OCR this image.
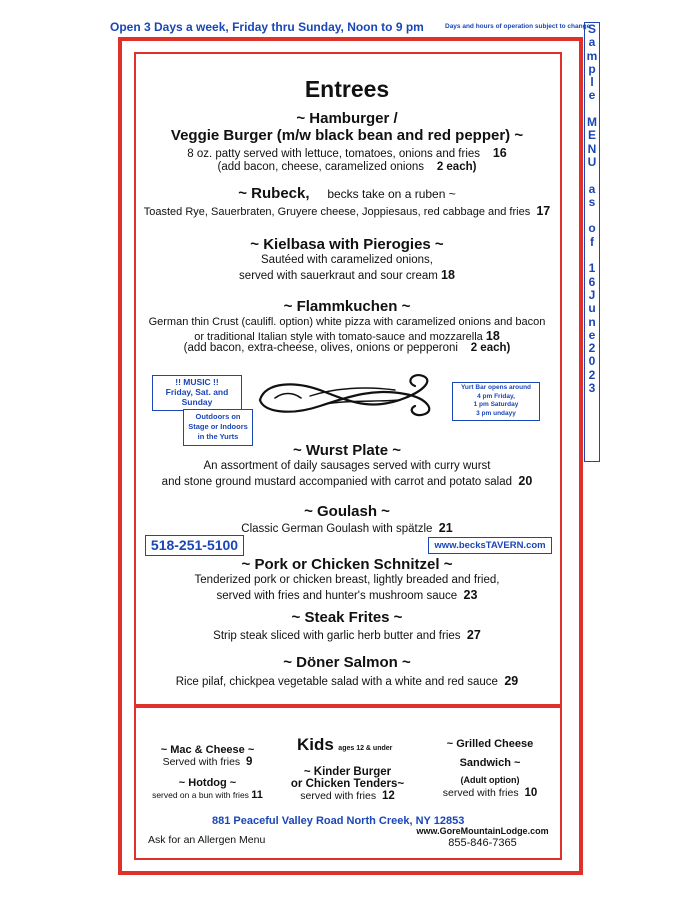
Open 3 Days a week, Friday thru Sunday, Noon to 9 pm	Days and hours of operation subject to change
S
a
m
p
l
e
M
E
N
U
a
s
o
f
1
6
J
u
n
e
2
0
2
3
Entrees
~ Hamburger /
Veggie Burger (m/w black bean and red pepper) ~
8 oz. patty served with lettuce, tomatoes, onions and fries 16
(add bacon, cheese, caramelized onions 2 each)
~ Rubeck, becks take on a ruben ~
Toasted Rye, Sauerbraten, Gruyere cheese, Joppiesaus, red cabbage and fries 17
~ Kielbasa with Pierogies ~
Sautéed with caramelized onions,
served with sauerkraut and sour cream 18
~ Flammkuchen ~
German thin Crust (caulifl. option) white pizza with caramelized onions and bacon
or traditional Italian style with tomato-sauce and mozzarella 18
(add bacon, extra-cheese, olives, onions or pepperoni 2 each)
!! MUSIC !!
Friday, Sat. and
Sunday
Outdoors on
Stage or Indoors
in the Yurts
Yurt Bar opens around
4 pm Friday,
1 pm Saturday
3 pm undayy
~ Wurst Plate ~
An assortment of daily sausages served with curry wurst
and stone ground mustard accompanied with carrot and potato salad 20
~ Goulash ~
Classic German Goulash with spätzle 21
518-251-5100	www.becksTAVERN.com
~ Pork or Chicken Schnitzel ~
Tenderized pork or chicken breast, lightly breaded and fried,
served with fries and hunter's mushroom sauce 23
~ Steak Frites ~
Strip steak sliced with garlic herb butter and fries 27
~ Döner Salmon ~
Rice pilaf, chickpea vegetable salad with a white and red sauce 29
Kids ages 12 & under
~ Mac & Cheese ~
Served with fries 9
~ Hotdog ~
served on a bun with fries 11
~ Kinder Burger
or Chicken Tenders~
served with fries 12
~ Grilled Cheese
Sandwich ~
(Adult option)
served with fries 10
881 Peaceful Valley Road North Creek, NY 12853
Ask for an Allergen Menu
www.GoreMountainLodge.com
855-846-7365
